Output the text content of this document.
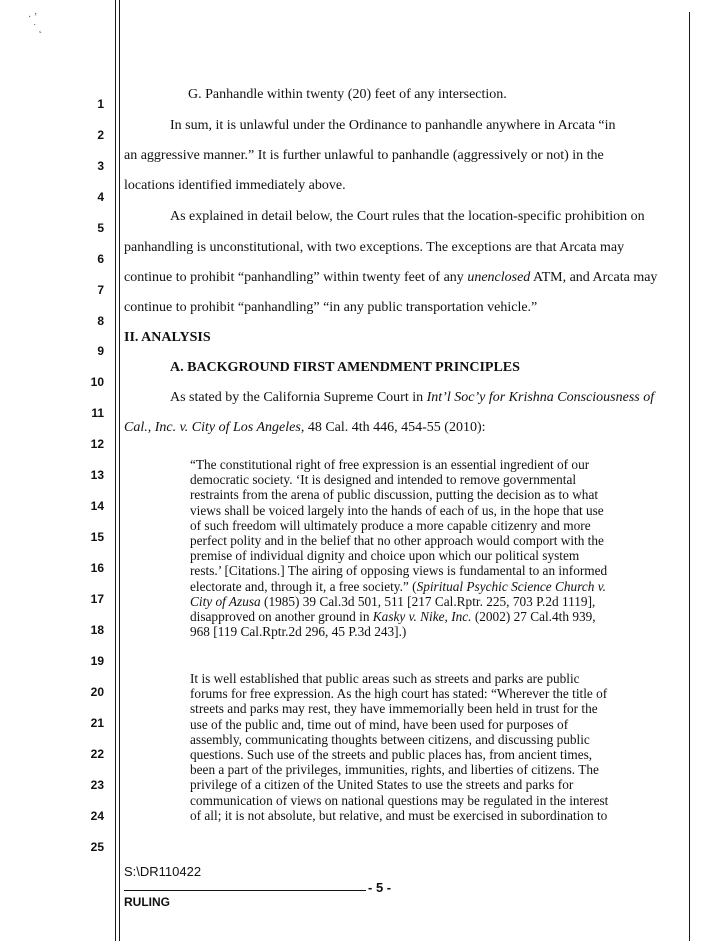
· ʼ
˙ ˛
1
2
3
4
5
6
7
8
9
10
11
12
13
14
15
16
17
18
19
20
21
22
23
24
25
G. Panhandle within twenty (20) feet of any intersection.
In sum, it is unlawful under the Ordinance to panhandle anywhere in Arcata “in
an aggressive manner.” It is further unlawful to panhandle (aggressively or not) in the
locations identified immediately above.
As explained in detail below, the Court rules that the location-specific prohibition on
panhandling is unconstitutional, with two exceptions. The exceptions are that Arcata may
continue to prohibit “panhandling” within twenty feet of any unenclosed ATM, and Arcata may
continue to prohibit “panhandling” “in any public transportation vehicle.”
II. ANALYSIS
A. BACKGROUND FIRST AMENDMENT PRINCIPLES
As stated by the California Supreme Court in Int’l Soc’y for Krishna Consciousness of
Cal., Inc. v. City of Los Angeles, 48 Cal. 4th 446, 454-55 (2010):
“The constitutional right of free expression is an essential ingredient of our
democratic society. ‘It is designed and intended to remove governmental
restraints from the arena of public discussion, putting the decision as to what
views shall be voiced largely into the hands of each of us, in the hope that use
of such freedom will ultimately produce a more capable citizenry and more
perfect polity and in the belief that no other approach would comport with the
premise of individual dignity and choice upon which our political system
rests.’ [Citations.] The airing of opposing views is fundamental to an informed
electorate and, through it, a free society.” (Spiritual Psychic Science Church v.
City of Azusa (1985) 39 Cal.3d 501, 511 [217 Cal.Rptr. 225, 703 P.2d 1119],
disapproved on another ground in Kasky v. Nike, Inc. (2002) 27 Cal.4th 939,
968 [119 Cal.Rptr.2d 296, 45 P.3d 243].)
It is well established that public areas such as streets and parks are public
forums for free expression. As the high court has stated: “Wherever the title of
streets and parks may rest, they have immemorially been held in trust for the
use of the public and, time out of mind, have been used for purposes of
assembly, communicating thoughts between citizens, and discussing public
questions. Such use of the streets and public places has, from ancient times,
been a part of the privileges, immunities, rights, and liberties of citizens. The
privilege of a citizen of the United States to use the streets and parks for
communication of views on national questions may be regulated in the interest
of all; it is not absolute, but relative, and must be exercised in subordination to
S:\DR110422
- 5 -
RULING
